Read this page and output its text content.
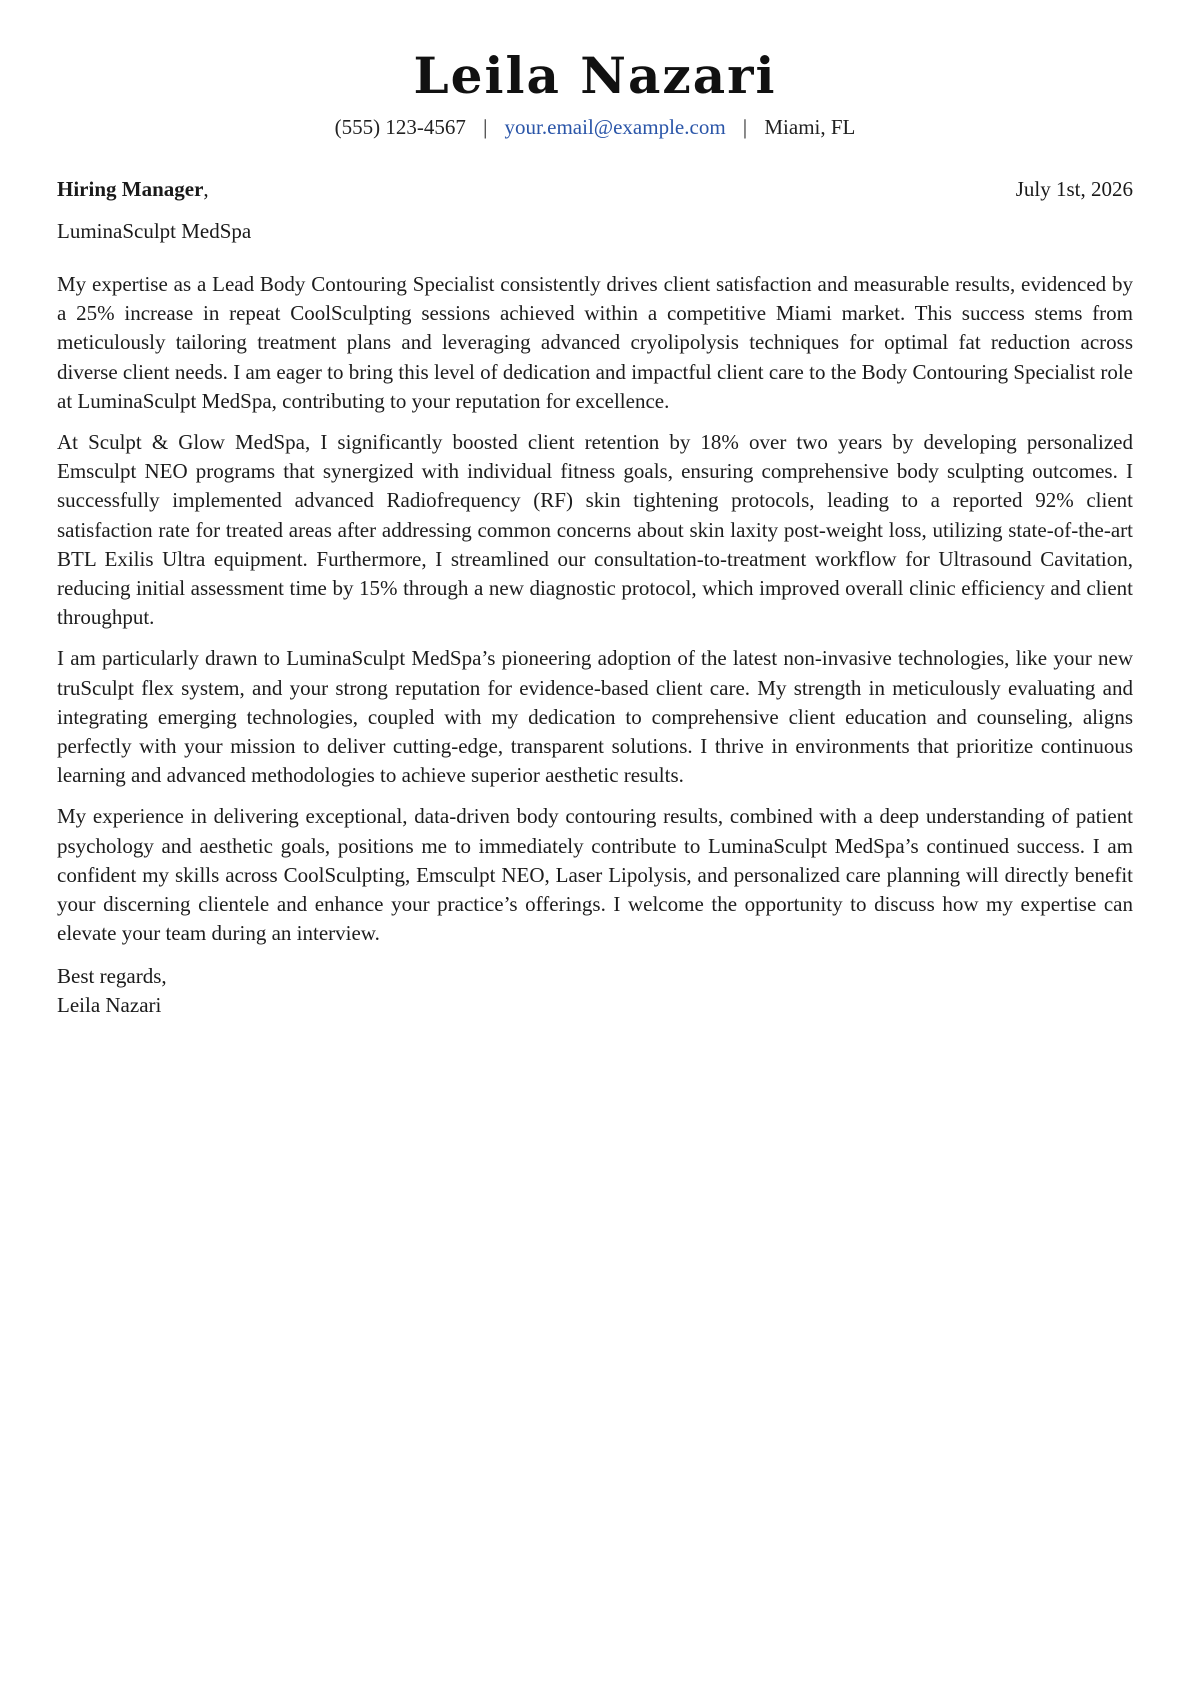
Leila Nazari
(555) 123-4567 | your.email@example.com | Miami, FL
Hiring Manager,	July 1st, 2026
LuminaSculpt MedSpa

My expertise as a Lead Body Contouring Specialist consistently drives client satisfaction and measurable results, evidenced by a 25% increase in repeat CoolSculpting sessions achieved within a competitive Miami market. This success stems from meticulously tailoring treatment plans and leveraging advanced cryolipolysis techniques for optimal fat reduction across diverse client needs. I am eager to bring this level of dedication and impactful client care to the Body Contouring Specialist role at LuminaSculpt MedSpa, contributing to your reputation for excellence.

At Sculpt & Glow MedSpa, I significantly boosted client retention by 18% over two years by developing personalized Emsculpt NEO programs that synergized with individual fitness goals, ensuring comprehensive body sculpting outcomes. I successfully implemented advanced Radiofrequency (RF) skin tightening protocols, leading to a reported 92% client satisfaction rate for treated areas after addressing common concerns about skin laxity post-weight loss, utilizing state-of-the-art BTL Exilis Ultra equipment. Furthermore, I streamlined our consultation-to-treatment workflow for Ultrasound Cavitation, reducing initial assessment time by 15% through a new diagnostic protocol, which improved overall clinic efficiency and client throughput.

I am particularly drawn to LuminaSculpt MedSpa’s pioneering adoption of the latest non-invasive technologies, like your new truSculpt flex system, and your strong reputation for evidence-based client care. My strength in meticulously evaluating and integrating emerging technologies, coupled with my dedication to comprehensive client education and counseling, aligns perfectly with your mission to deliver cutting-edge, transparent solutions. I thrive in environments that prioritize continuous learning and advanced methodologies to achieve superior aesthetic results.

My experience in delivering exceptional, data-driven body contouring results, combined with a deep understanding of patient psychology and aesthetic goals, positions me to immediately contribute to LuminaSculpt MedSpa’s continued success. I am confident my skills across CoolSculpting, Emsculpt NEO, Laser Lipolysis, and personalized care planning will directly benefit your discerning clientele and enhance your practice’s offerings. I welcome the opportunity to discuss how my expertise can elevate your team during an interview.

Best regards,
Leila Nazari
